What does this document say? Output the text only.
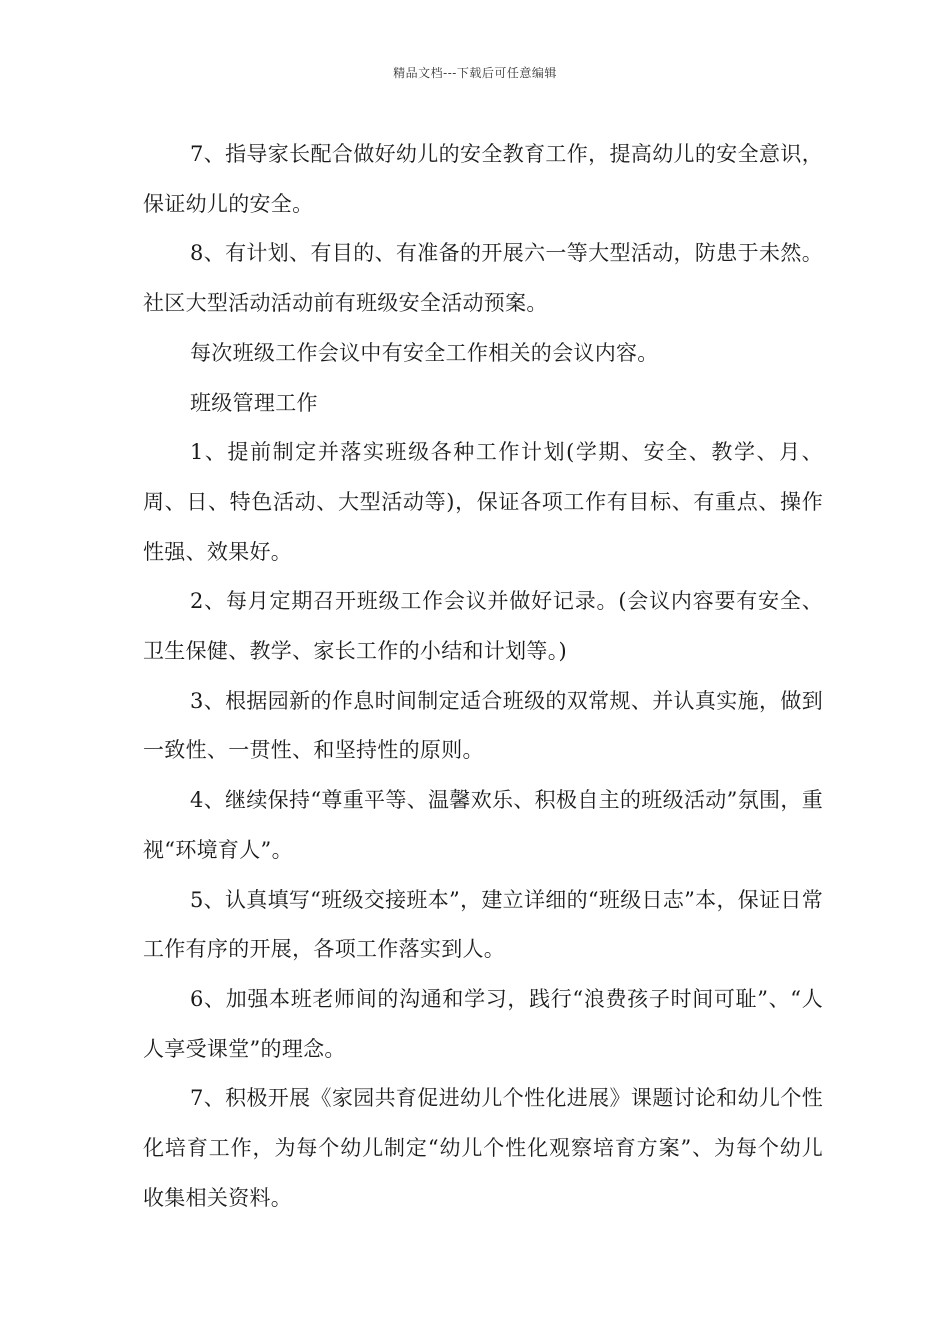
精品文档---下载后可任意编辑

7、指导家长配合做好幼儿的安全教育工作，提高幼儿的安全意识，保证幼儿的安全。

8、有计划、有目的、有准备的开展六一等大型活动，防患于未然。社区大型活动活动前有班级安全活动预案。

每次班级工作会议中有安全工作相关的会议内容。

班级管理工作

1、提前制定并落实班级各种工作计划(学期、安全、教学、月、周、日、特色活动、大型活动等)，保证各项工作有目标、有重点、操作性强、效果好。

2、每月定期召开班级工作会议并做好记录。(会议内容要有安全、卫生保健、教学、家长工作的小结和计划等。)

3、根据园新的作息时间制定适合班级的双常规、并认真实施，做到一致性、一贯性、和坚持性的原则。

4、继续保持“尊重平等、温馨欢乐、积极自主的班级活动”氛围，重视“环境育人”。

5、认真填写“班级交接班本”，建立详细的“班级日志”本，保证日常工作有序的开展，各项工作落实到人。

6、加强本班老师间的沟通和学习，践行“浪费孩子时间可耻”、“人人享受课堂”的理念。

7、积极开展《家园共育促进幼儿个性化进展》课题讨论和幼儿个性化培育工作，为每个幼儿制定“幼儿个性化观察培育方案”、为每个幼儿收集相关资料。
